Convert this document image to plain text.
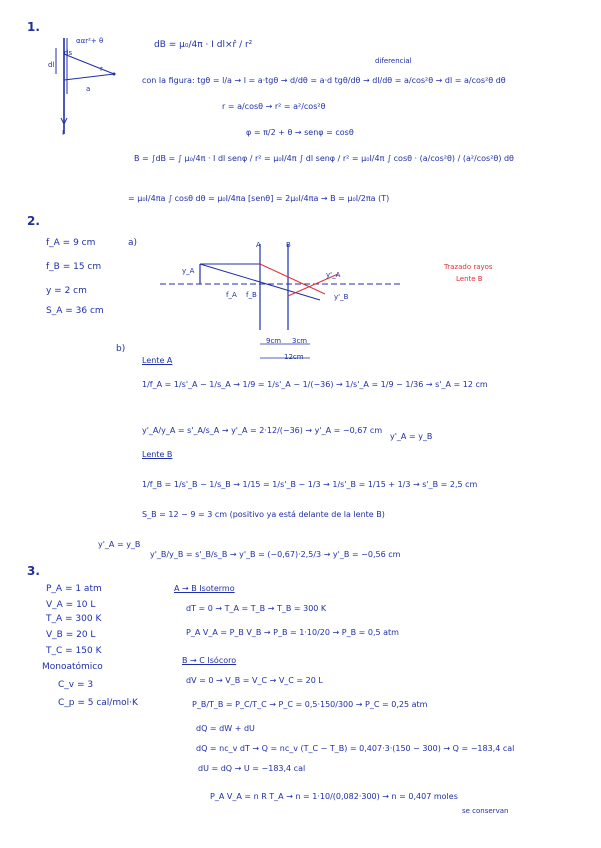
1.
ααr²+ θ
ds
dl	r
a
I
dB = μ₀/4π · I dl×r̂ / r²
diferencial
con la figura: tgθ = l/a → l = a·tgθ → d/dθ = a·d tgθ/dθ → dl/dθ = a/cos²θ → dl = a/cos²θ dθ
r = a/cosθ → r² = a²/cos²θ
φ = π/2 + θ → senφ = cosθ
B = ∫dB = ∫ μ₀/4π · I dl senφ / r² = μ₀I/4π ∫ dl senφ / r² = μ₀I/4π ∫ cosθ · (a/cos²θ) / (a²/cos²θ) dθ
= μ₀I/4πa ∫ cosθ dθ = μ₀I/4πa [senθ] = 2μ₀I/4πa → B = μ₀I/2πa (T)
2.
f_A = 9 cm
f_B = 15 cm
y = 2 cm
S_A = 36 cm
a)	A	B
y_A
f_A f_B
y'_A
y'_B
9cm 3cm
12cm
Trazado rayos
Lente B
b)
Lente A
1/f_A = 1/s'_A − 1/s_A → 1/9 = 1/s'_A − 1/(−36) → 1/s'_A = 1/9 − 1/36 → s'_A = 12 cm
y'_A/y_A = s'_A/s_A → y'_A = 2·12/(−36) → y'_A = −0,67 cm
y'_A = y_B
Lente B
1/f_B = 1/s'_B − 1/s_B → 1/15 = 1/s'_B − 1/3 → 1/s'_B = 1/15 + 1/3 → s'_B = 2,5 cm
S_B = 12 − 9 = 3 cm (positivo ya está delante de la lente B)
y'_A = y_B
y'_B/y_B = s'_B/s_B → y'_B = (−0,67)·2,5/3 → y'_B = −0,56 cm
3.
P_A = 1 atm
V_A = 10 L
T_A = 300 K
V_B = 20 L
T_C = 150 K
Monoatómico
C_v = 3
C_p = 5 cal/mol·K
A → B Isotermo
dT = 0 → T_A = T_B → T_B = 300 K
P_A V_A = P_B V_B → P_B = 1·10/20 → P_B = 0,5 atm
B → C Isócoro
dV = 0 → V_B = V_C → V_C = 20 L
P_B/T_B = P_C/T_C → P_C = 0,5·150/300 → P_C = 0,25 atm
dQ = dW + dU
dQ = nc_v dT → Q = nc_v (T_C − T_B) = 0,407·3·(150 − 300) → Q = −183,4 cal
dU = dQ → U = −183,4 cal
P_A V_A = n R T_A → n = 1·10/(0,082·300) → n = 0,407 moles
se conservan
